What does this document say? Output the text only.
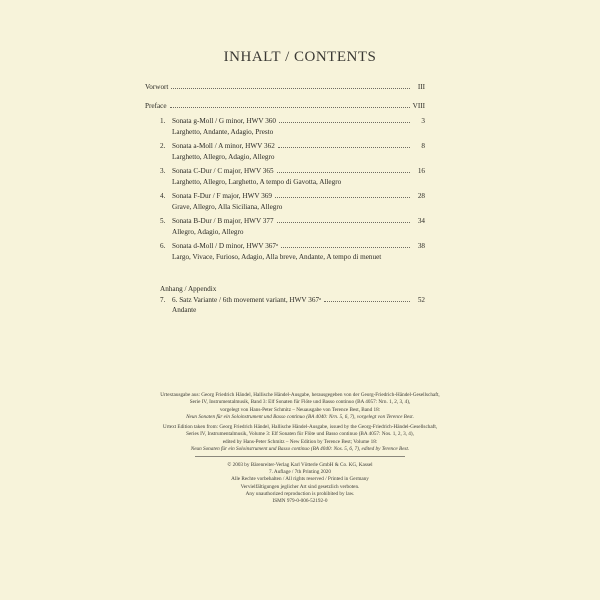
INHALT / CONTENTS
Vorwort	III
Preface	VIII
1. Sonata g-Moll / G minor, HWV 360	3
Larghetto, Andante, Adagio, Presto
2. Sonata a-Moll / A minor, HWV 362	8
Larghetto, Allegro, Adagio, Allegro
3. Sonata C-Dur / C major, HWV 365	16
Larghetto, Allegro, Larghetto, A tempo di Gavotta, Allegro
4. Sonata F-Dur / F major, HWV 369	28
Grave, Allegro, Alla Siciliana, Allegro
5. Sonata B-Dur / B major, HWV 377	34
Allegro, Adagio, Allegro
6. Sonata d-Moll / D minor, HWV 367ᵃ	38
Largo, Vivace, Furioso, Adagio, Alla breve, Andante, A tempo di menuet
Anhang / Appendix
7. 6. Satz Variante / 6th movement variant, HWV 367ᵃ	52
Andante
Urtextausgabe aus: Georg Friedrich Händel, Hallische Händel-Ausgabe, herausgegeben von der Georg-Friedrich-Händel-Gesellschaft,
Serie IV, Instrumentalmusik, Band 3: Elf Sonaten für Flöte und Basso continuo (BA 4057: Nrn. 1, 2, 3, 4),
vorgelegt von Hans-Peter Schmitz – Neuausgabe von Terence Best, Band 18:
Neun Sonaten für ein Soloinstrument und Basso continuo (BA 4040: Nrn. 5, 6, 7), vorgelegt von Terence Best.
Urtext Edition taken from: Georg Friedrich Händel, Hallische Händel-Ausgabe, issued by the Georg-Friedrich-Händel-Gesellschaft,
Series IV, Instrumentalmusik, Volume 3: Elf Sonaten für Flöte und Basso continuo (BA 4057: Nos. 1, 2, 3, 4),
edited by Hans-Peter Schmitz – New Edition by Terence Best; Volume 18:
Neun Sonaten für ein Soloinstrument und Basso continuo (BA 4040: Nos. 5, 6, 7), edited by Terence Best.
© 2003 by Bärenreiter-Verlag Karl Vötterle GmbH & Co. KG, Kassel
7. Auflage / 7th Printing 2020
Alle Rechte vorbehalten / All rights reserved / Printed in Germany
Vervielfältigungen jeglicher Art sind gesetzlich verboten.
Any unauthorized reproduction is prohibited by law.
ISMN 979-0-006-52192-0
